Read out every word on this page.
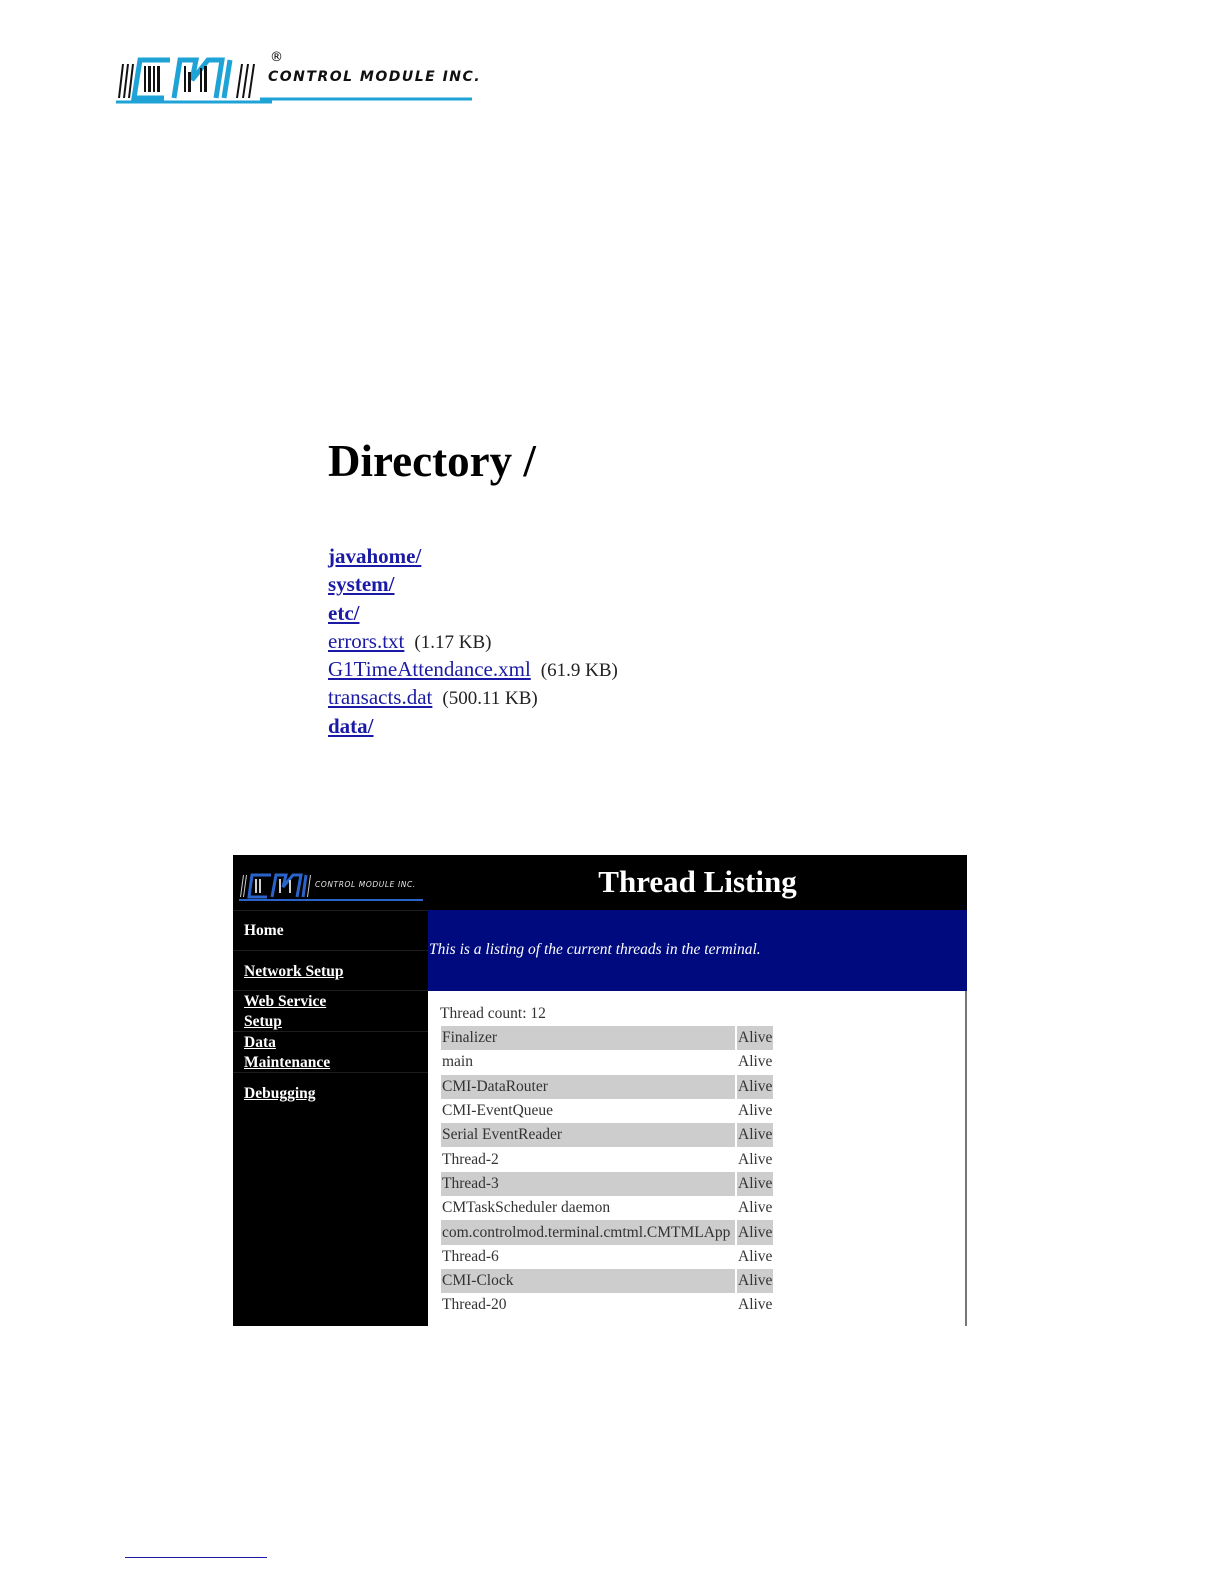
®
CONTROL MODULE INC.
Directory /
javahome/
system/
etc/
errors.txt (1.17 KB)
G1TimeAttendance.xml (61.9 KB)
transacts.dat (500.11 KB)
data/
CONTROL MODULE INC.
Home
Network Setup
Web Service
Setup
Data
Maintenance
Debugging
Thread Listing
This is a listing of the current threads in the terminal.
Thread count: 12
Finalizer	Alive
main	Alive
CMI-DataRouter	Alive
CMI-EventQueue	Alive
Serial EventReader	Alive
Thread-2	Alive
Thread-3	Alive
CMTaskScheduler daemon	Alive
com.controlmod.terminal.cmtml.CMTMLApp	Alive
Thread-6	Alive
CMI-Clock	Alive
Thread-20	Alive
